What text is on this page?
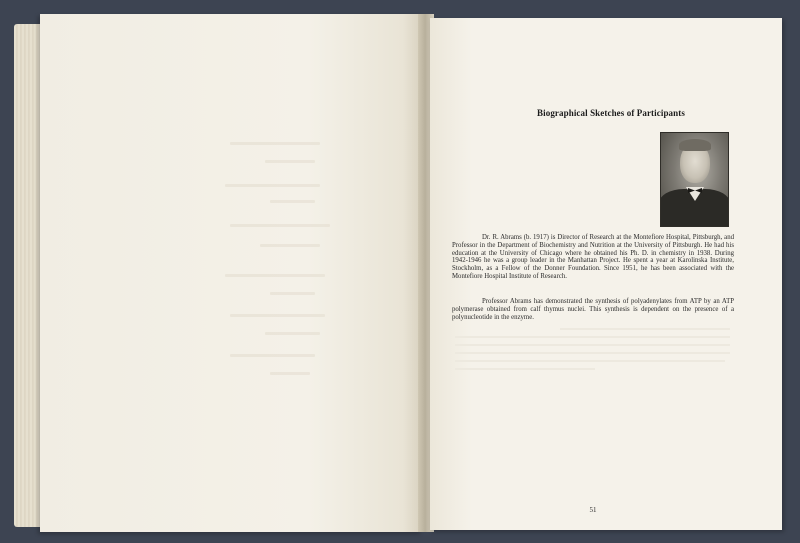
Biographical Sketches of Participants
Dr. R. Abrams (b. 1917) is Director of Research at the Montefiore Hospital, Pittsburgh, and Professor in the Department of Biochemistry and Nutrition at the University of Pittsburgh. He had his education at the University of Chicago where he obtained his Ph. D. in chemistry in 1938. During 1942-1946 he was a group leader in the Manhattan Project. He spent a year at Karolinska Institute, Stockholm, as a Fellow of the Donner Foundation. Since 1951, he has been associated with the Montefiore Hospital Institute of Research.
Professor Abrams has demonstrated the synthesis of polyadenylates from ATP by an ATP polymerase obtained from calf thymus nuclei. This synthesis is dependent on the presence of a polynucleotide in the enzyme.
51
